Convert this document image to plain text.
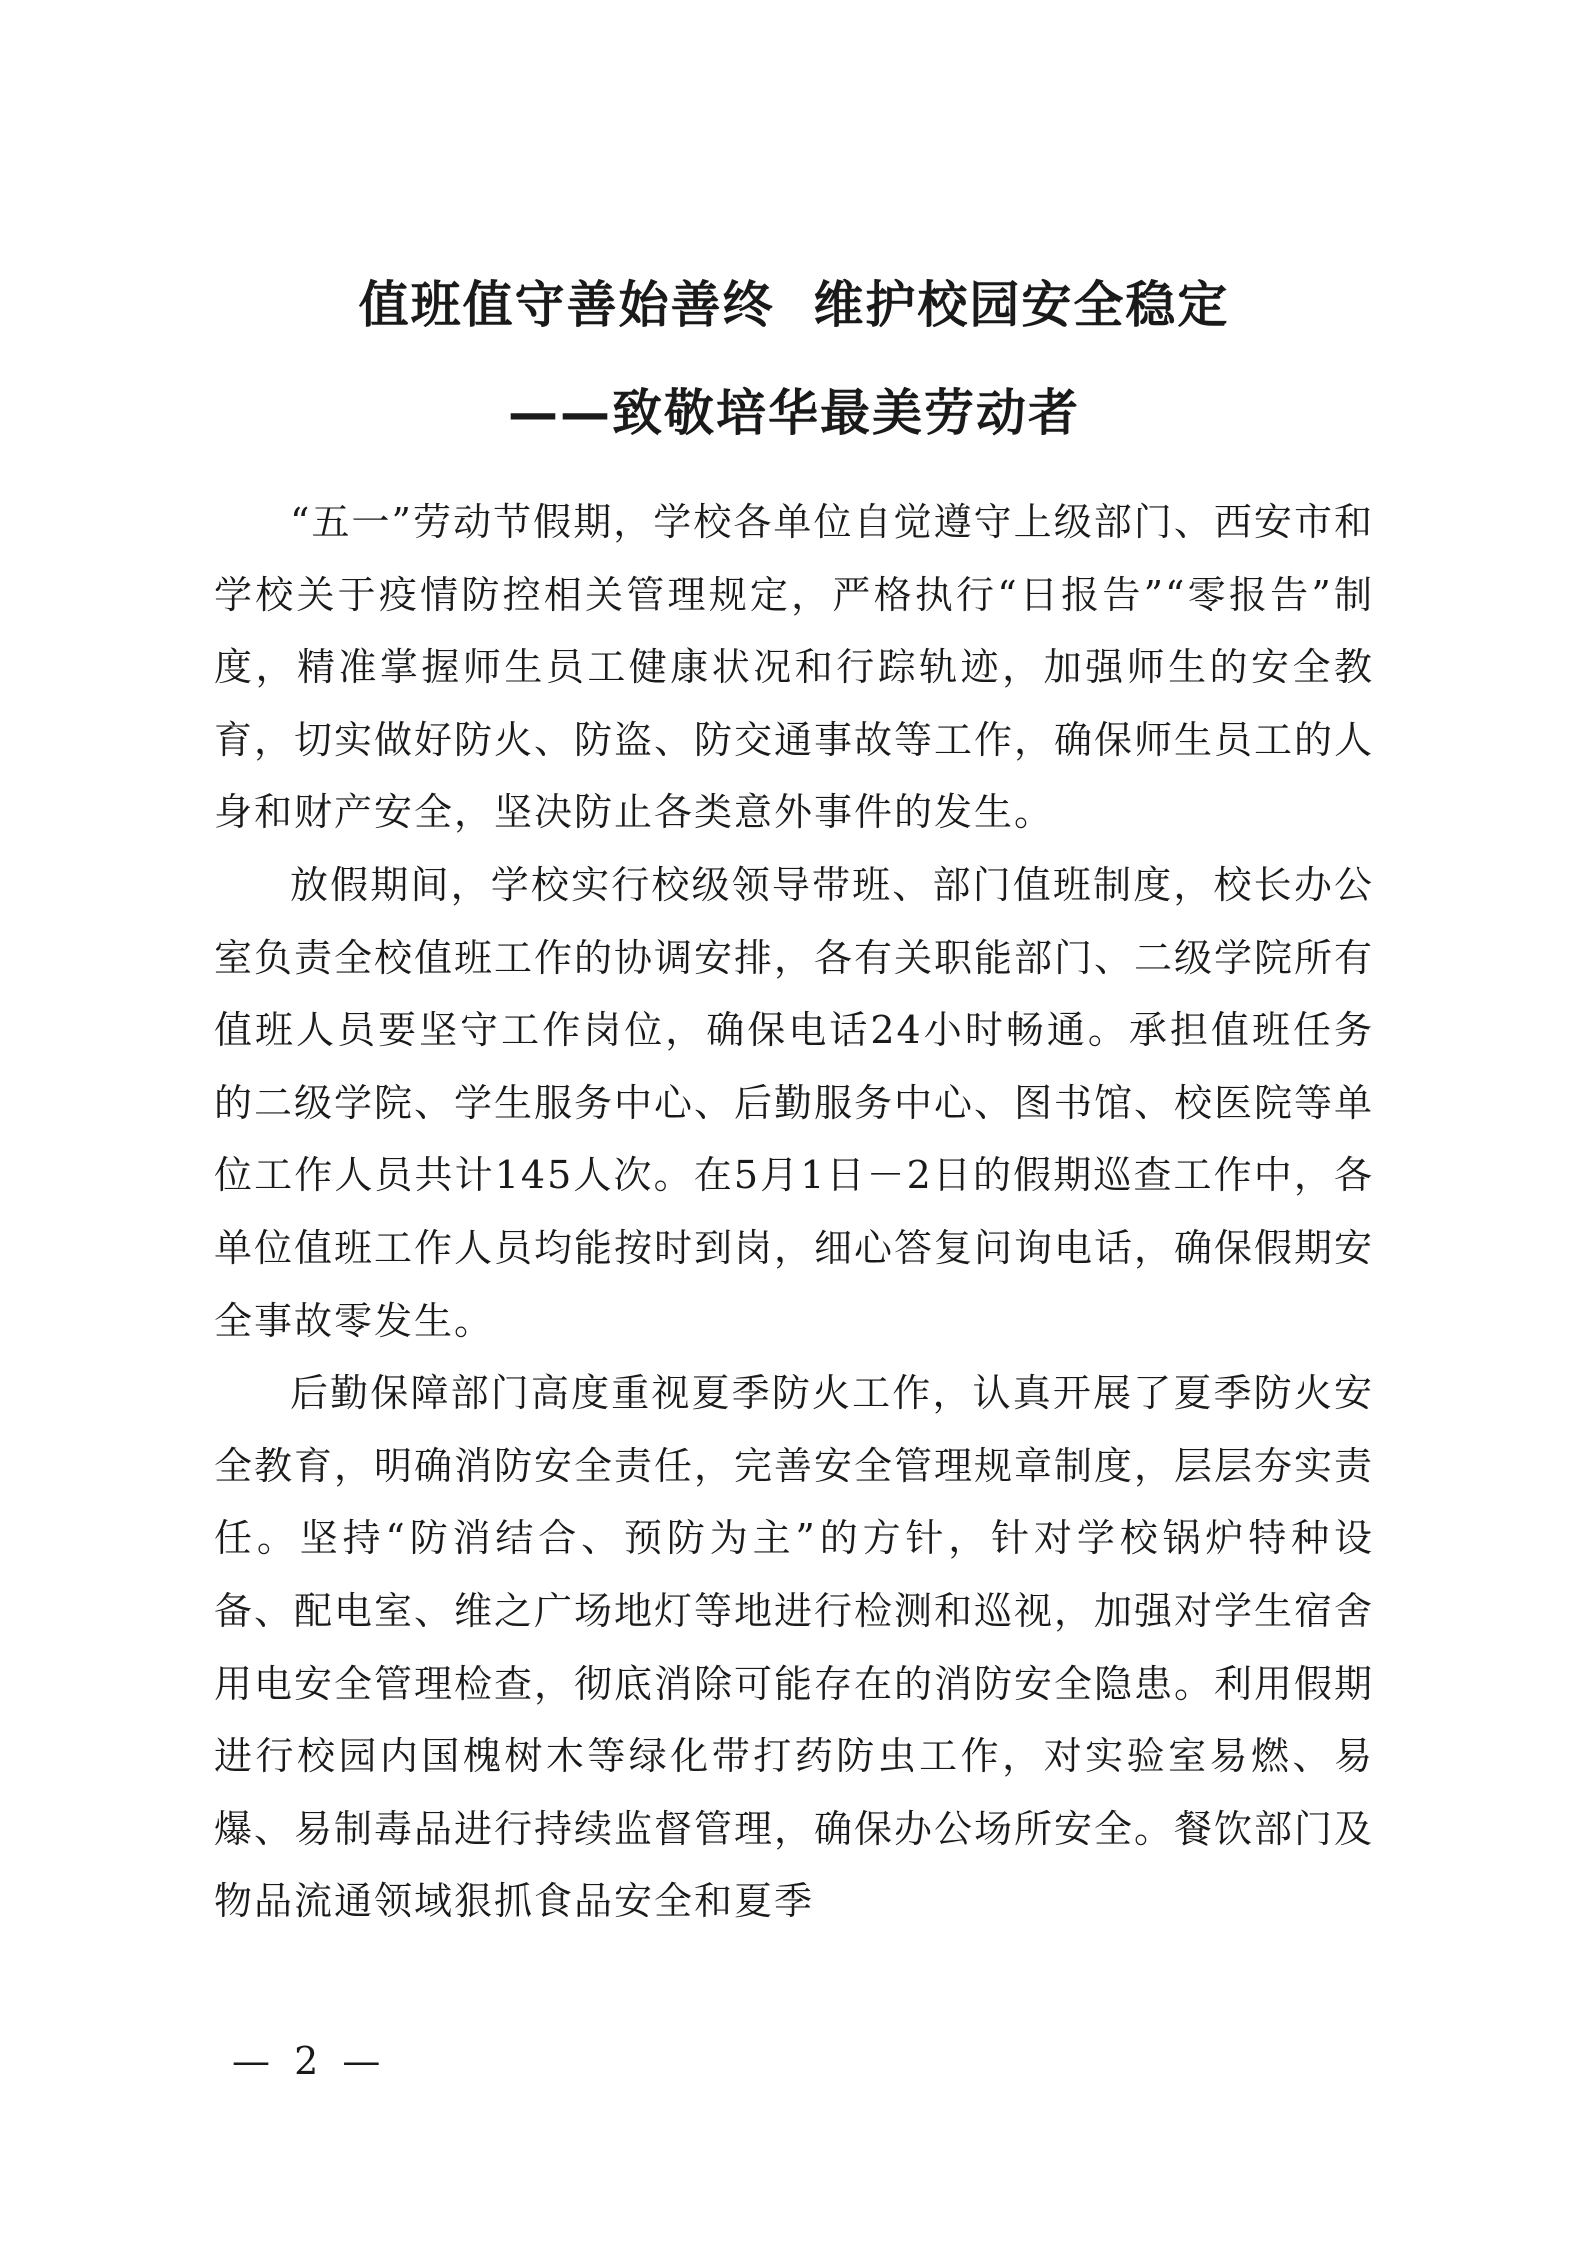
值班值守善始善终  维护校园安全稳定
——致敬培华最美劳动者

“五一”劳动节假期，学校各单位自觉遵守上级部门、西安市和学校关于疫情防控相关管理规定，严格执行“日报告”“零报告”制度，精准掌握师生员工健康状况和行踪轨迹，加强师生的安全教育，切实做好防火、防盗、防交通事故等工作，确保师生员工的人身和财产安全，坚决防止各类意外事件的发生。

放假期间，学校实行校级领导带班、部门值班制度，校长办公室负责全校值班工作的协调安排，各有关职能部门、二级学院所有值班人员要坚守工作岗位，确保电话24小时畅通。承担值班任务的二级学院、学生服务中心、后勤服务中心、图书馆、校医院等单位工作人员共计145人次。在5月1日－2日的假期巡查工作中，各单位值班工作人员均能按时到岗，细心答复问询电话，确保假期安全事故零发生。

后勤保障部门高度重视夏季防火工作，认真开展了夏季防火安全教育，明确消防安全责任，完善安全管理规章制度，层层夯实责任。坚持“防消结合、预防为主”的方针，针对学校锅炉特种设备、配电室、维之广场地灯等地进行检测和巡视，加强对学生宿舍用电安全管理检查，彻底消除可能存在的消防安全隐患。利用假期进行校园内国槐树木等绿化带打药防虫工作，对实验室易燃、易爆、易制毒品进行持续监督管理，确保办公场所安全。餐饮部门及物品流通领域狠抓食品安全和夏季

— 2 —
